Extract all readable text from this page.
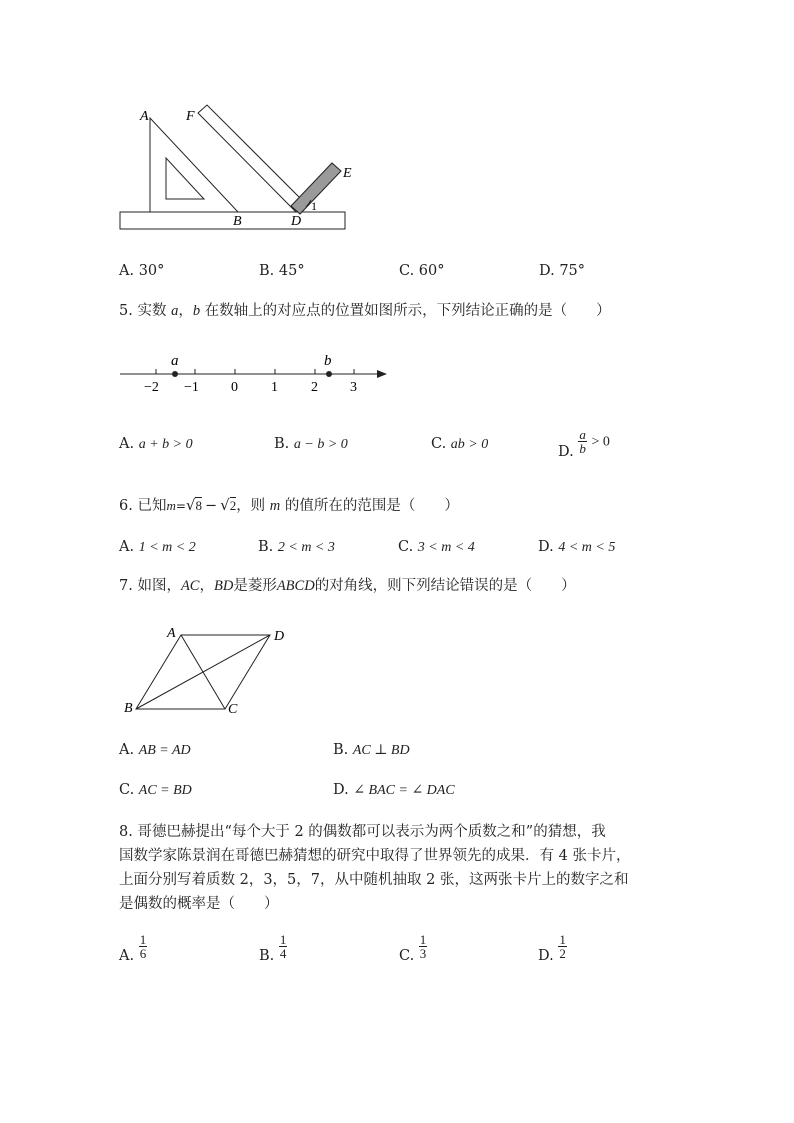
A	F
E
B	D
1
A. 30°	B. 45°	C. 60°	D. 75°
5. 实数 a，b 在数轴上的对应点的位置如图所示，下列结论正确的是（　　）
a	b
−2 −1 0 1 2 3
A. a + b > 0	B. a − b > 0	C. ab > 0	D. $\frac{a}{b} > 0$
6. 已知m=√8 − √2，则 m 的值所在的范围是（　　）
A. 1 < m < 2	B. 2 < m < 3	C. 3 < m < 4	D. 4 < m < 5
7. 如图，AC，BD是菱形ABCD的对角线，则下列结论错误的是（　　）
A	D
B	C
A. AB = AD	B. AC ⊥ BD
C. AC = BD	D. ∠ BAC = ∠ DAC
8. 哥德巴赫提出“每个大于 2 的偶数都可以表示为两个质数之和”的猜想，我
国数学家陈景润在哥德巴赫猜想的研究中取得了世界领先的成果．有 4 张卡片，
上面分别写着质数 2，3，5，7，从中随机抽取 2 张，这两张卡片上的数字之和
是偶数的概率是（　　）
A. $\frac{1}{6}$	B. $\frac{1}{4}$	C. $\frac{1}{3}$	D. $\frac{1}{2}$
